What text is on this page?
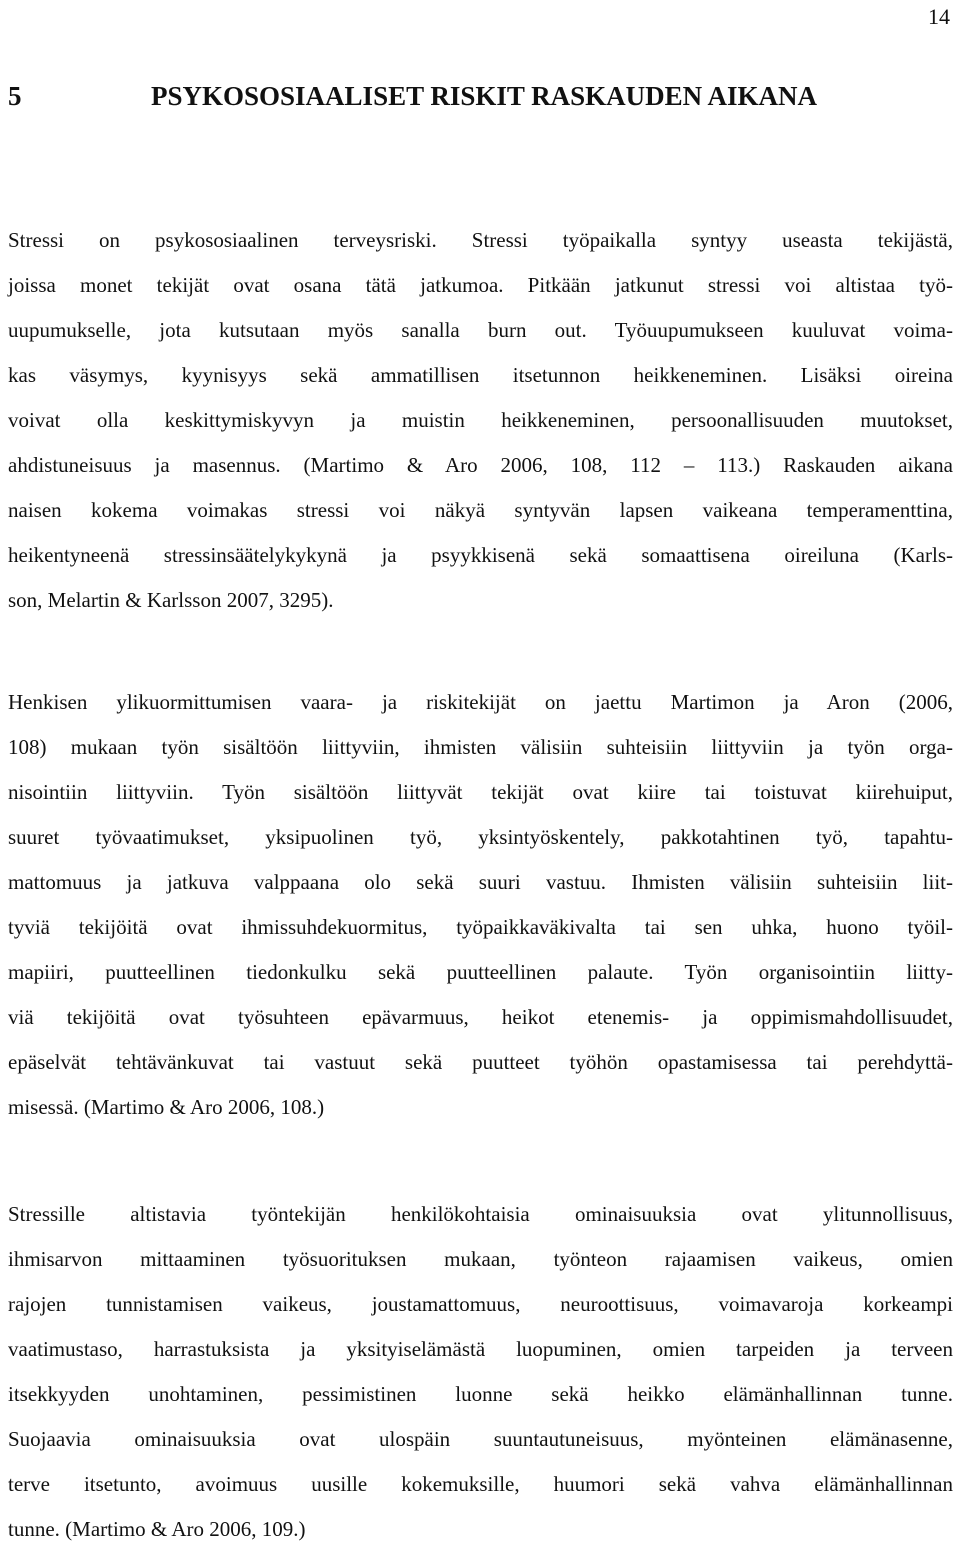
14
5	PSYKOSOSIAALISET RISKIT RASKAUDEN AIKANA
Stressi on psykososiaalinen terveysriski. Stressi työpaikalla syntyy useasta tekijästä,
joissa monet tekijät ovat osana tätä jatkumoa. Pitkään jatkunut stressi voi altistaa työ-
uupumukselle, jota kutsutaan myös sanalla burn out. Työuupumukseen kuuluvat voima-
kas väsymys, kyynisyys sekä ammatillisen itsetunnon heikkeneminen. Lisäksi oireina
voivat olla keskittymiskyvyn ja muistin heikkeneminen, persoonallisuuden muutokset,
ahdistuneisuus ja masennus. (Martimo & Aro 2006, 108, 112 – 113.) Raskauden aikana
naisen kokema voimakas stressi voi näkyä syntyvän lapsen vaikeana temperamenttina,
heikentyneenä stressinsäätelykykynä ja psyykkisenä sekä somaattisena oireiluna (Karls-
son, Melartin & Karlsson 2007, 3295).
Henkisen ylikuormittumisen vaara- ja riskitekijät on jaettu Martimon ja Aron (2006,
108) mukaan työn sisältöön liittyviin, ihmisten välisiin suhteisiin liittyviin ja työn orga-
nisointiin liittyviin. Työn sisältöön liittyvät tekijät ovat kiire tai toistuvat kiirehuiput,
suuret työvaatimukset, yksipuolinen työ, yksintyöskentely, pakkotahtinen työ, tapahtu-
mattomuus ja jatkuva valppaana olo sekä suuri vastuu. Ihmisten välisiin suhteisiin liit-
tyviä tekijöitä ovat ihmissuhdekuormitus, työpaikkaväkivalta tai sen uhka, huono työil-
mapiiri, puutteellinen tiedonkulku sekä puutteellinen palaute. Työn organisointiin liitty-
viä tekijöitä ovat työsuhteen epävarmuus, heikot etenemis- ja oppimismahdollisuudet,
epäselvät tehtävänkuvat tai vastuut sekä puutteet työhön opastamisessa tai perehdyttä-
misessä. (Martimo & Aro 2006, 108.)
Stressille altistavia työntekijän henkilökohtaisia ominaisuuksia ovat ylitunnollisuus,
ihmisarvon mittaaminen työsuorituksen mukaan, työnteon rajaamisen vaikeus, omien
rajojen tunnistamisen vaikeus, joustamattomuus, neuroottisuus, voimavaroja korkeampi
vaatimustaso, harrastuksista ja yksityiselämästä luopuminen, omien tarpeiden ja terveen
itsekkyyden unohtaminen, pessimistinen luonne sekä heikko elämänhallinnan tunne.
Suojaavia ominaisuuksia ovat ulospäin suuntautuneisuus, myönteinen elämänasenne,
terve itsetunto, avoimuus uusille kokemuksille, huumori sekä vahva elämänhallinnan
tunne. (Martimo & Aro 2006, 109.)
